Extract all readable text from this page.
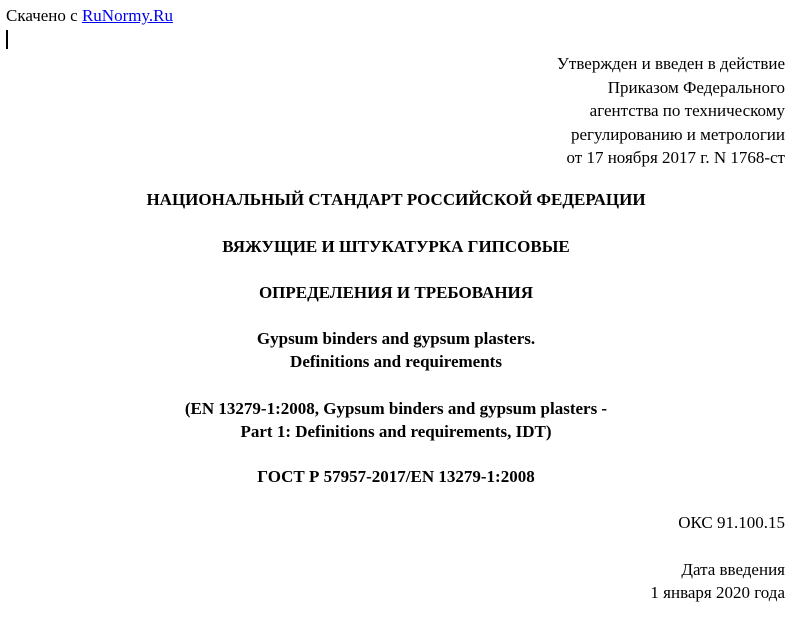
Скачено с RuNormy.Ru
Утвержден и введен в действие
Приказом Федерального
агентства по техническому
регулированию и метрологии
от 17 ноября 2017 г. N 1768-ст
НАЦИОНАЛЬНЫЙ СТАНДАРТ РОССИЙСКОЙ ФЕДЕРАЦИИ
ВЯЖУЩИЕ И ШТУКАТУРКА ГИПСОВЫЕ
ОПРЕДЕЛЕНИЯ И ТРЕБОВАНИЯ
Gypsum binders and gypsum plasters.
Definitions and requirements
(EN 13279-1:2008, Gypsum binders and gypsum plasters -
Part 1: Definitions and requirements, IDT)
ГОСТ Р 57957-2017/EN 13279-1:2008
ОКС 91.100.15
Дата введения
1 января 2020 года
